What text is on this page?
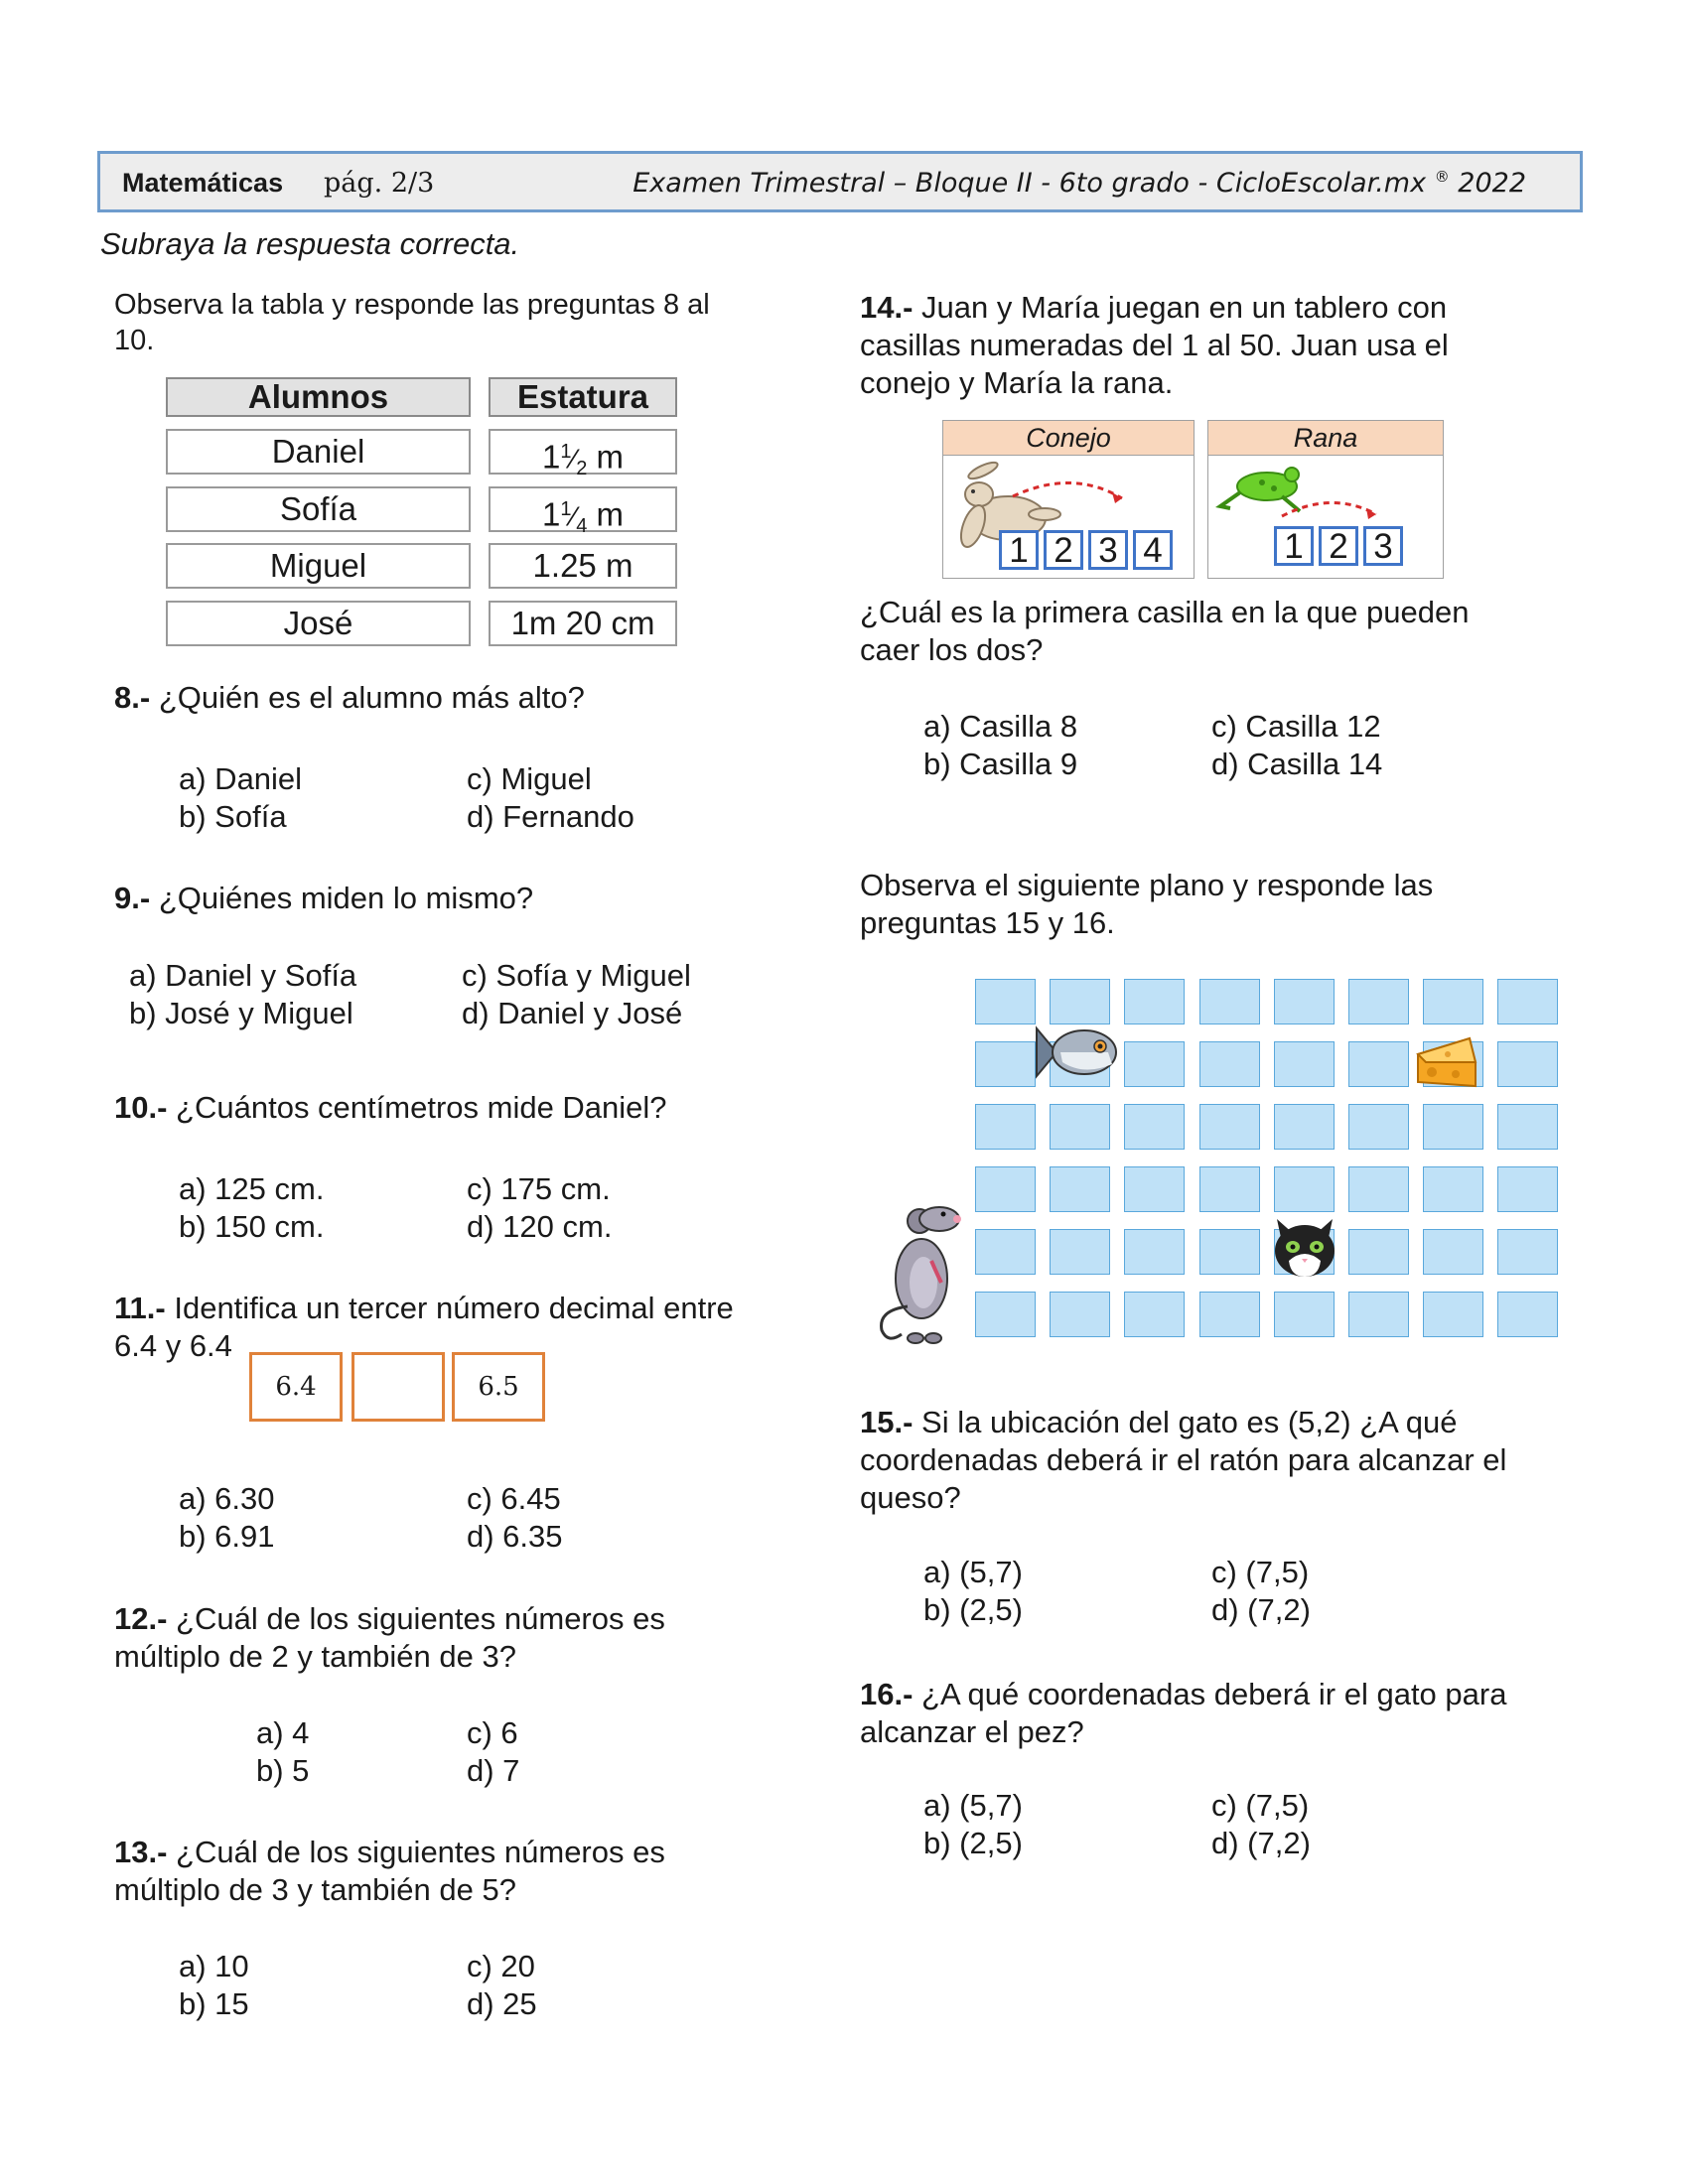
Matemáticas pág. 2/3	Examen Trimestral – Bloque II - 6to grado - CicloEscolar.mx ® 2022
Subraya la respuesta correcta.
Observa la tabla y responde las preguntas 8 al 10.
Alumnos	Estatura
Daniel	$1^1⁄_2$ m
Sofía	$1^1⁄_4$ m
Miguel	1.25 m
José	1m 20 cm
8.- ¿Quién es el alumno más alto?
a) Daniel
b) Sofía
c) Miguel
d) Fernando
9.- ¿Quiénes miden lo mismo?
a) Daniel y Sofía
b) José y Miguel
c) Sofía y Miguel
d) Daniel y José
10.- ¿Cuántos centímetros mide Daniel?
a) 125 cm.
b) 150 cm.
c) 175 cm.
d) 120 cm.
11.- Identifica un tercer número decimal entre
6.4 y 6.4
6.4	6.5
a) 6.30
b) 6.91
c) 6.45
d) 6.35
12.- ¿Cuál de los siguientes números es
múltiplo de 2 y también de 3?
a) 4
b) 5
c) 6
d) 7
13.- ¿Cuál de los siguientes números es
múltiplo de 3 y también de 5?
a) 10
b) 15
c) 20
d) 25
14.- Juan y María juegan en un tablero con
casillas numeradas del 1 al 50. Juan usa el
conejo y María la rana.
Conejo
1 2 3 4
Rana
1 2 3
¿Cuál es la primera casilla en la que pueden
caer los dos?
a) Casilla 8
b) Casilla 9
c) Casilla 12
d) Casilla 14
Observa el siguiente plano y responde las
preguntas 15 y 16.
15.- Si la ubicación del gato es (5,2) ¿A qué
coordenadas deberá ir el ratón para alcanzar el
queso?
a) (5,7)
b) (2,5)
c) (7,5)
d) (7,2)
16.- ¿A qué coordenadas deberá ir el gato para
alcanzar el pez?
a) (5,7)
b) (2,5)
c) (7,5)
d) (7,2)
